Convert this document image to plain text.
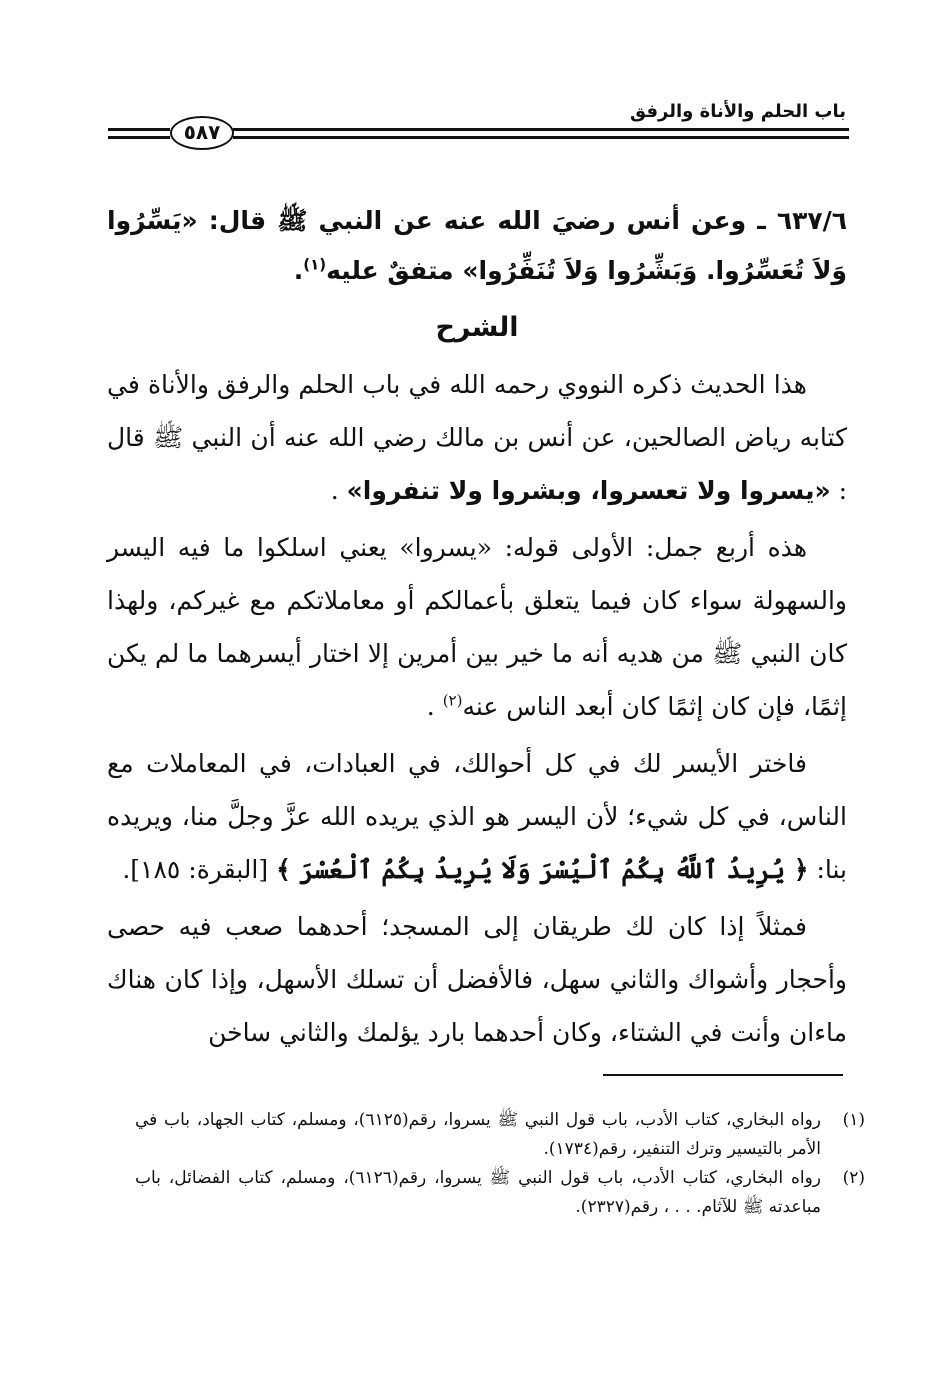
باب الحلم والأناة والرفق
٥٨٧

٦٣٧/٦ ـ وعن أنس رضيَ الله عنه عن النبي ﷺ قال: «يَسِّرُوا وَلاَ تُعَسِّرُوا. وَبَشِّرُوا وَلاَ تُنَفِّرُوا» متفقٌ عليه$^{(١)}$.

الشرح

هذا الحديث ذكره النووي رحمه الله في باب الحلم والرفق والأناة في كتابه رياض الصالحين، عن أنس بن مالك رضي الله عنه أن النبي ﷺ قال : «يسروا ولا تعسروا، وبشروا ولا تنفروا» .

هذه أربع جمل: الأولى قوله: «يسروا» يعني اسلكوا ما فيه اليسر والسهولة سواء كان فيما يتعلق بأعمالكم أو معاملاتكم مع غيركم، ولهذا كان النبي ﷺ من هديه أنه ما خير بين أمرين إلا اختار أيسرهما ما لم يكن إثمًا، فإن كان إثمًا كان أبعد الناس عنه$^{(٢)}$ .

فاختر الأيسر لك في كل أحوالك، في العبادات، في المعاملات مع الناس، في كل شيء؛ لأن اليسر هو الذي يريده الله عزَّ وجلَّ منا، ويريده بنا: ﴿ يُرِيدُ ٱللَّهُ بِكُمُ ٱلْيُسْرَ وَلَا يُرِيدُ بِكُمُ ٱلْعُسْرَ ﴾ [البقرة: ١٨٥].

فمثلاً إذا كان لك طريقان إلى المسجد؛ أحدهما صعب فيه حصى وأحجار وأشواك والثاني سهل، فالأفضل أن تسلك الأسهل، وإذا كان هناك ماءان وأنت في الشتاء، وكان أحدهما بارد يؤلمك والثاني ساخن

(١)
رواه البخاري، كتاب الأدب، باب قول النبي ﷺ يسروا، رقم(٦١٢٥)، ومسلم، كتاب الجهاد، باب في الأمر بالتيسير وترك التنفير، رقم(١٧٣٤).
(٢)
رواه البخاري، كتاب الأدب، باب قول النبي ﷺ يسروا، رقم(٦١٢٦)، ومسلم، كتاب الفضائل، باب مباعدته ﷺ للآثام. . . ، رقم(٢٣٢٧).
